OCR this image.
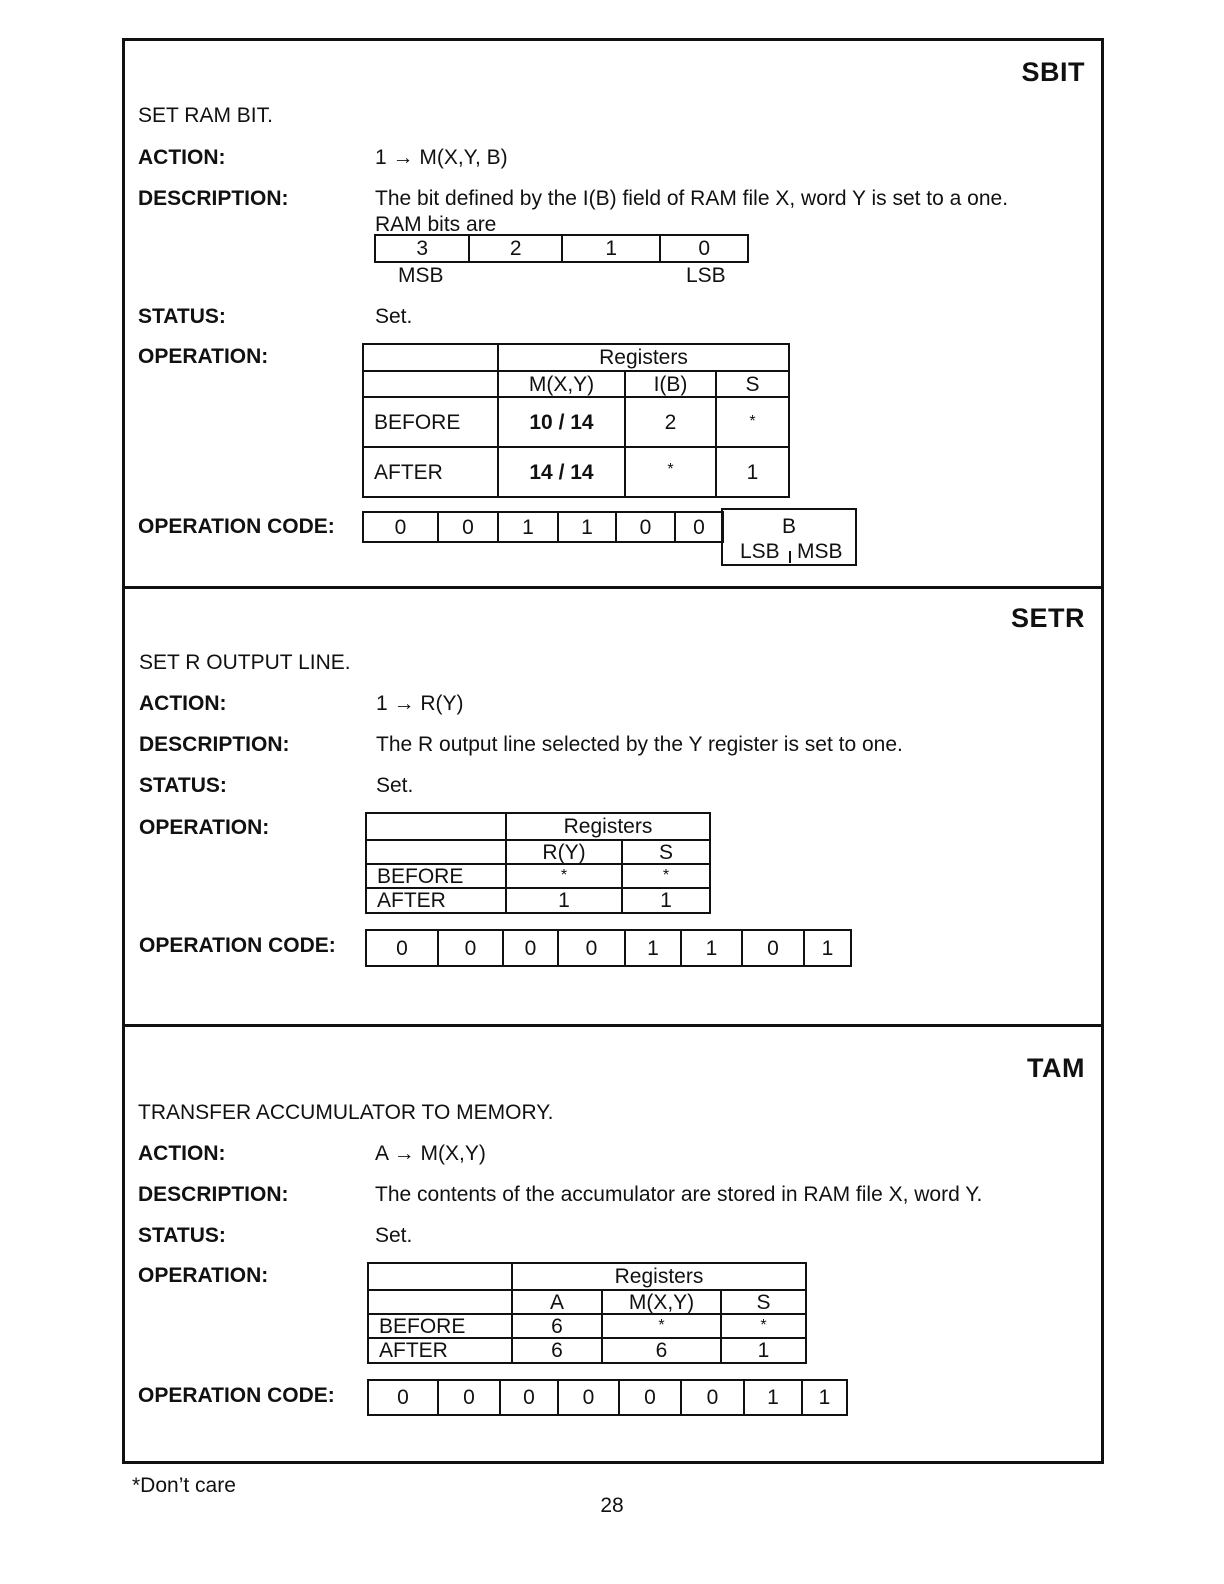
SBIT
SET RAM BIT.
ACTION:	1 → M(X,Y, B)
DESCRIPTION:	The bit defined by the I(B) field of RAM file X, word Y is set to a one.
RAM bits are
3	2	1	0
MSB	LSB
STATUS:	Set.
OPERATION:
		Registers		
	M(X,Y)	I(B)	S
BEFORE	10 / 14	2	*
AFTER	14 / 14	*	1
OPERATION CODE:	0	0	1	1	0	0	B
LSB MSB
SETR
SET R OUTPUT LINE.
ACTION:	1 → R(Y)
DESCRIPTION:	The R output line selected by the Y register is set to one.
STATUS:	Set.
OPERATION:
		Registers	
	R(Y)	S
BEFORE	*	*
AFTER	1	1
OPERATION CODE:	0	0	0	0	1	1	0	1
TAM
TRANSFER ACCUMULATOR TO MEMORY.
ACTION:	A → M(X,Y)
DESCRIPTION:	The contents of the accumulator are stored in RAM file X, word Y.
STATUS:	Set.
OPERATION:
		Registers		
	A	M(X,Y)	S
BEFORE	6	*	*
AFTER	6	6	1
OPERATION CODE:	0	0	0	0	0	0	1	1
*Don’t care
28
